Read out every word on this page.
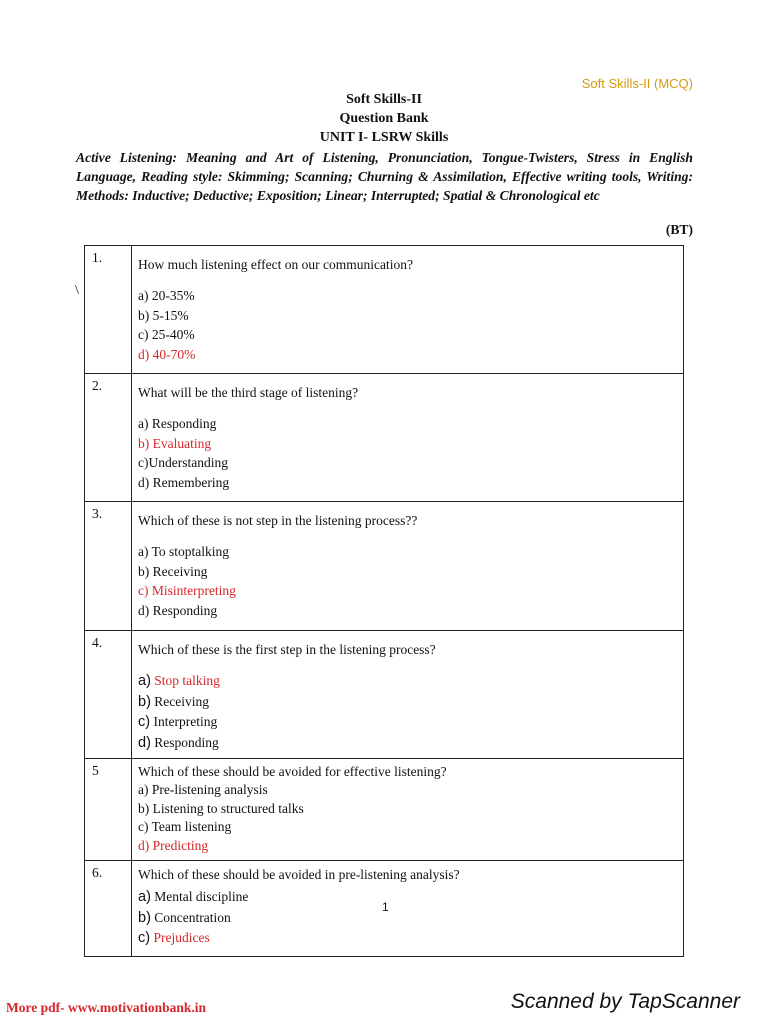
Soft Skills-II (MCQ)
Soft Skills-II
Question Bank
UNIT I- LSRW Skills
Active Listening: Meaning and Art of Listening, Pronunciation, Tongue-Twisters, Stress in English Language, Reading style: Skimming; Scanning; Churning & Assimilation, Effective writing tools, Writing: Methods: Inductive; Deductive; Exposition; Linear; Interrupted; Spatial & Chronological etc
(BT)
\
1.	How much listening effect on our communication?
a) 20-35%
b) 5-15%
c) 25-40%
d) 40-70%

2.	What will be the third stage of listening?
a) Responding
b) Evaluating
c)Understanding
d) Remembering

3.	Which of these is not step in the listening process??
a) To stoptalking
b) Receiving
c) Misinterpreting
d) Responding

4.	Which of these is the first step in the listening process?
a) Stop talking
b) Receiving
c) Interpreting
d) Responding

5	Which of these should be avoided for effective listening?
a) Pre-listening analysis
b) Listening to structured talks
c) Team listening
d) Predicting

6.	Which of these should be avoided in pre-listening analysis?
a) Mental discipline
b) Concentration
c) Prejudices
1
More pdf- www.motivationbank.in	Scanned by TapScanner
